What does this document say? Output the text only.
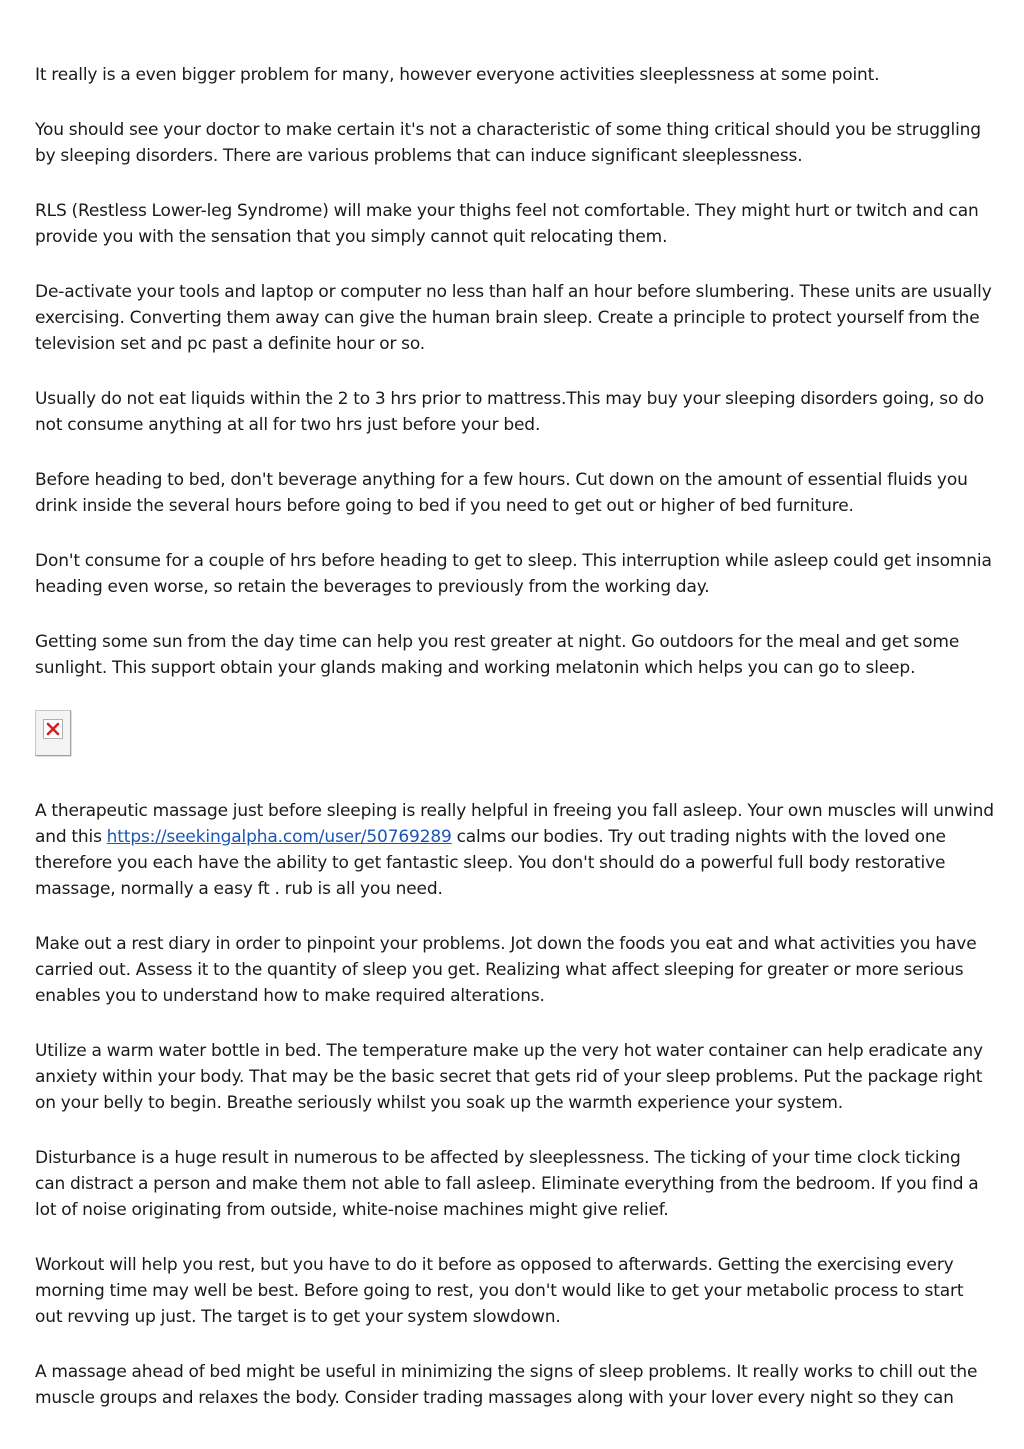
It really is a even bigger problem for many, however everyone activities sleeplessness at some point.

You should see your doctor to make certain it's not a characteristic of some thing critical should you be struggling by sleeping disorders. There are various problems that can induce significant sleeplessness.

RLS (Restless Lower-leg Syndrome) will make your thighs feel not comfortable. They might hurt or twitch and can provide you with the sensation that you simply cannot quit relocating them.

De-activate your tools and laptop or computer no less than half an hour before slumbering. These units are usually exercising. Converting them away can give the human brain sleep. Create a principle to protect yourself from the television set and pc past a definite hour or so.

Usually do not eat liquids within the 2 to 3 hrs prior to mattress.This may buy your sleeping disorders going, so do not consume anything at all for two hrs just before your bed.

Before heading to bed, don't beverage anything for a few hours. Cut down on the amount of essential fluids you drink inside the several hours before going to bed if you need to get out or higher of bed furniture.

Don't consume for a couple of hrs before heading to get to sleep. This interruption while asleep could get insomnia heading even worse, so retain the beverages to previously from the working day.

Getting some sun from the day time can help you rest greater at night. Go outdoors for the meal and get some sunlight. This support obtain your glands making and working melatonin which helps you can go to sleep.

A therapeutic massage just before sleeping is really helpful in freeing you fall asleep. Your own muscles will unwind and this https://seekingalpha.com/user/50769289 calms our bodies. Try out trading nights with the loved one therefore you each have the ability to get fantastic sleep. You don't should do a powerful full body restorative massage, normally a easy ft . rub is all you need.

Make out a rest diary in order to pinpoint your problems. Jot down the foods you eat and what activities you have carried out. Assess it to the quantity of sleep you get. Realizing what affect sleeping for greater or more serious enables you to understand how to make required alterations.

Utilize a warm water bottle in bed. The temperature make up the very hot water container can help eradicate any anxiety within your body. That may be the basic secret that gets rid of your sleep problems. Put the package right on your belly to begin. Breathe seriously whilst you soak up the warmth experience your system.

Disturbance is a huge result in numerous to be affected by sleeplessness. The ticking of your time clock ticking can distract a person and make them not able to fall asleep. Eliminate everything from the bedroom. If you find a lot of noise originating from outside, white-noise machines might give relief.

Workout will help you rest, but you have to do it before as opposed to afterwards. Getting the exercising every morning time may well be best. Before going to rest, you don't would like to get your metabolic process to start out revving up just. The target is to get your system slowdown.

A massage ahead of bed might be useful in minimizing the signs of sleep problems. It really works to chill out the muscle groups and relaxes the body. Consider trading massages along with your lover every night so they can
